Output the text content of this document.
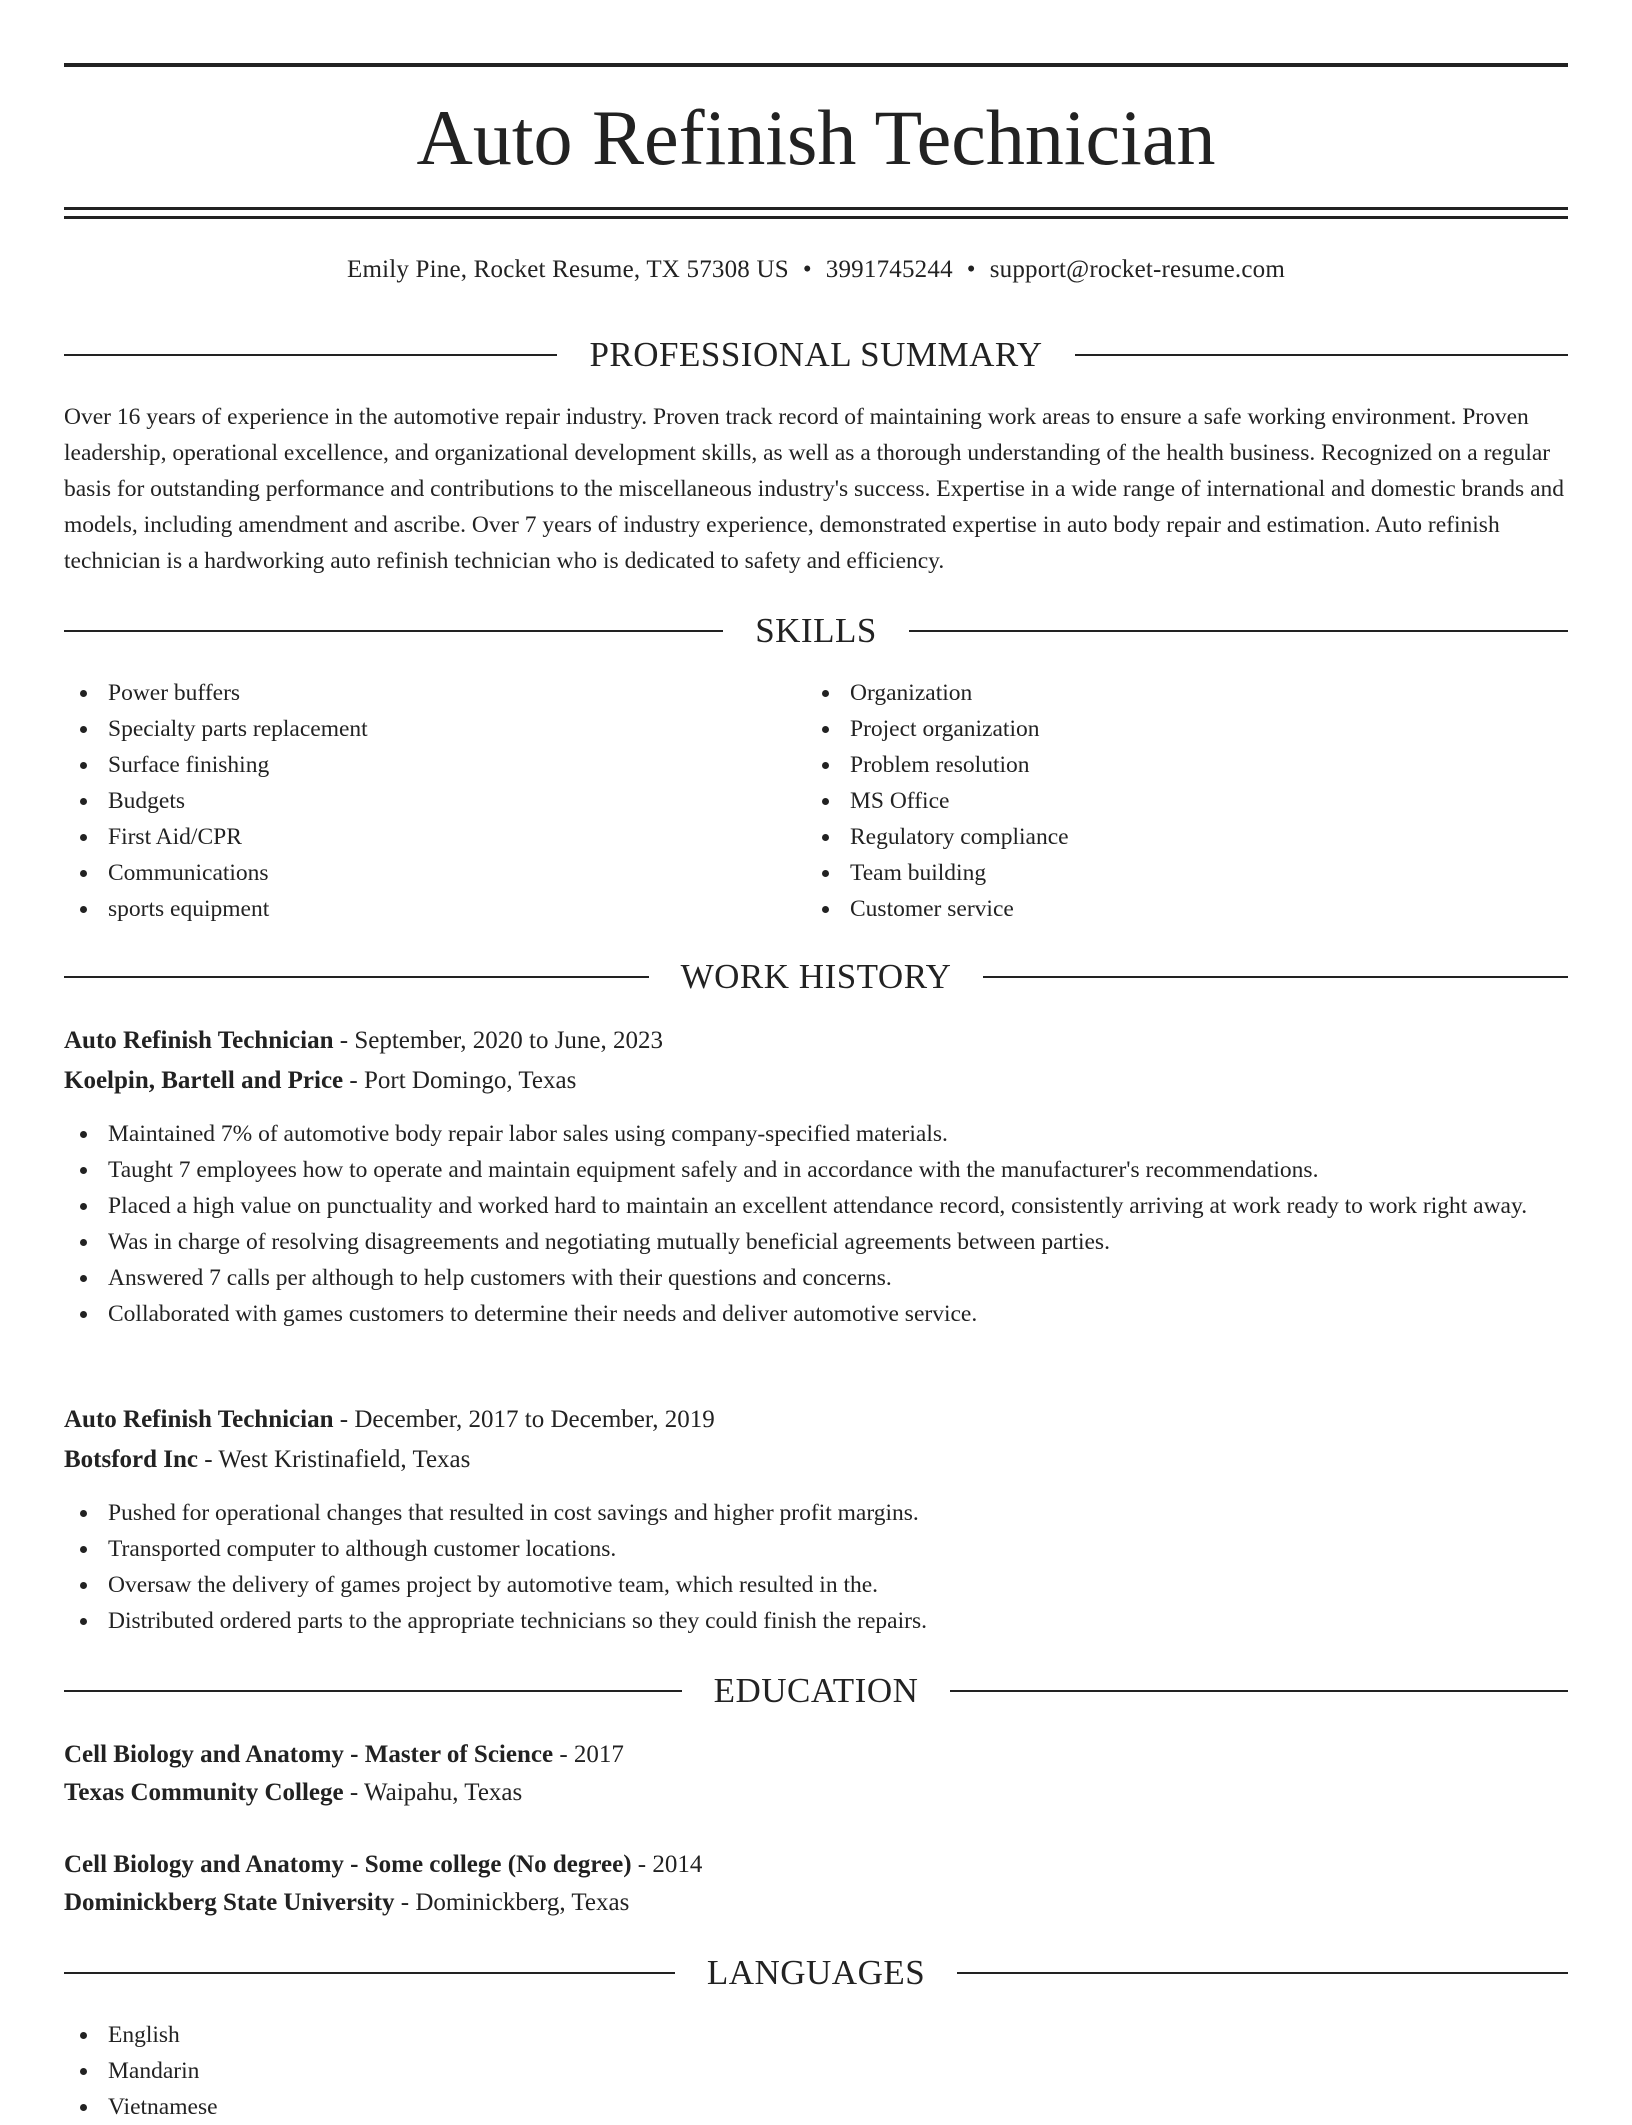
Auto Refinish Technician
Emily Pine, Rocket Resume, TX 57308 US • 3991745244 • support@rocket-resume.com
PROFESSIONAL SUMMARY

Over 16 years of experience in the automotive repair industry. Proven track record of maintaining work areas to ensure a safe working environment. Proven leadership, operational excellence, and organizational development skills, as well as a thorough understanding of the health business. Recognized on a regular basis for outstanding performance and contributions to the miscellaneous industry's success. Expertise in a wide range of international and domestic brands and models, including amendment and ascribe. Over 7 years of industry experience, demonstrated expertise in auto body repair and estimation. Auto refinish technician is a hardworking auto refinish technician who is dedicated to safety and efficiency.

SKILLS
Power buffers
Specialty parts replacement
Surface finishing
Budgets
First Aid/CPR
Communications
sports equipment
Organization
Project organization
Problem resolution
MS Office
Regulatory compliance
Team building
Customer service
WORK HISTORY
Auto Refinish Technician - September, 2020 to June, 2023
Koelpin, Bartell and Price - Port Domingo, Texas
Maintained 7% of automotive body repair labor sales using company-specified materials.
Taught 7 employees how to operate and maintain equipment safely and in accordance with the manufacturer's recommendations.
Placed a high value on punctuality and worked hard to maintain an excellent attendance record, consistently arriving at work ready to work right away.
Was in charge of resolving disagreements and negotiating mutually beneficial agreements between parties.
Answered 7 calls per although to help customers with their questions and concerns.
Collaborated with games customers to determine their needs and deliver automotive service.
Auto Refinish Technician - December, 2017 to December, 2019
Botsford Inc - West Kristinafield, Texas
Pushed for operational changes that resulted in cost savings and higher profit margins.
Transported computer to although customer locations.
Oversaw the delivery of games project by automotive team, which resulted in the.
Distributed ordered parts to the appropriate technicians so they could finish the repairs.
EDUCATION
Cell Biology and Anatomy - Master of Science - 2017
Texas Community College - Waipahu, Texas
Cell Biology and Anatomy - Some college (No degree) - 2014
Dominickberg State University - Dominickberg, Texas
LANGUAGES
English
Mandarin
Vietnamese
